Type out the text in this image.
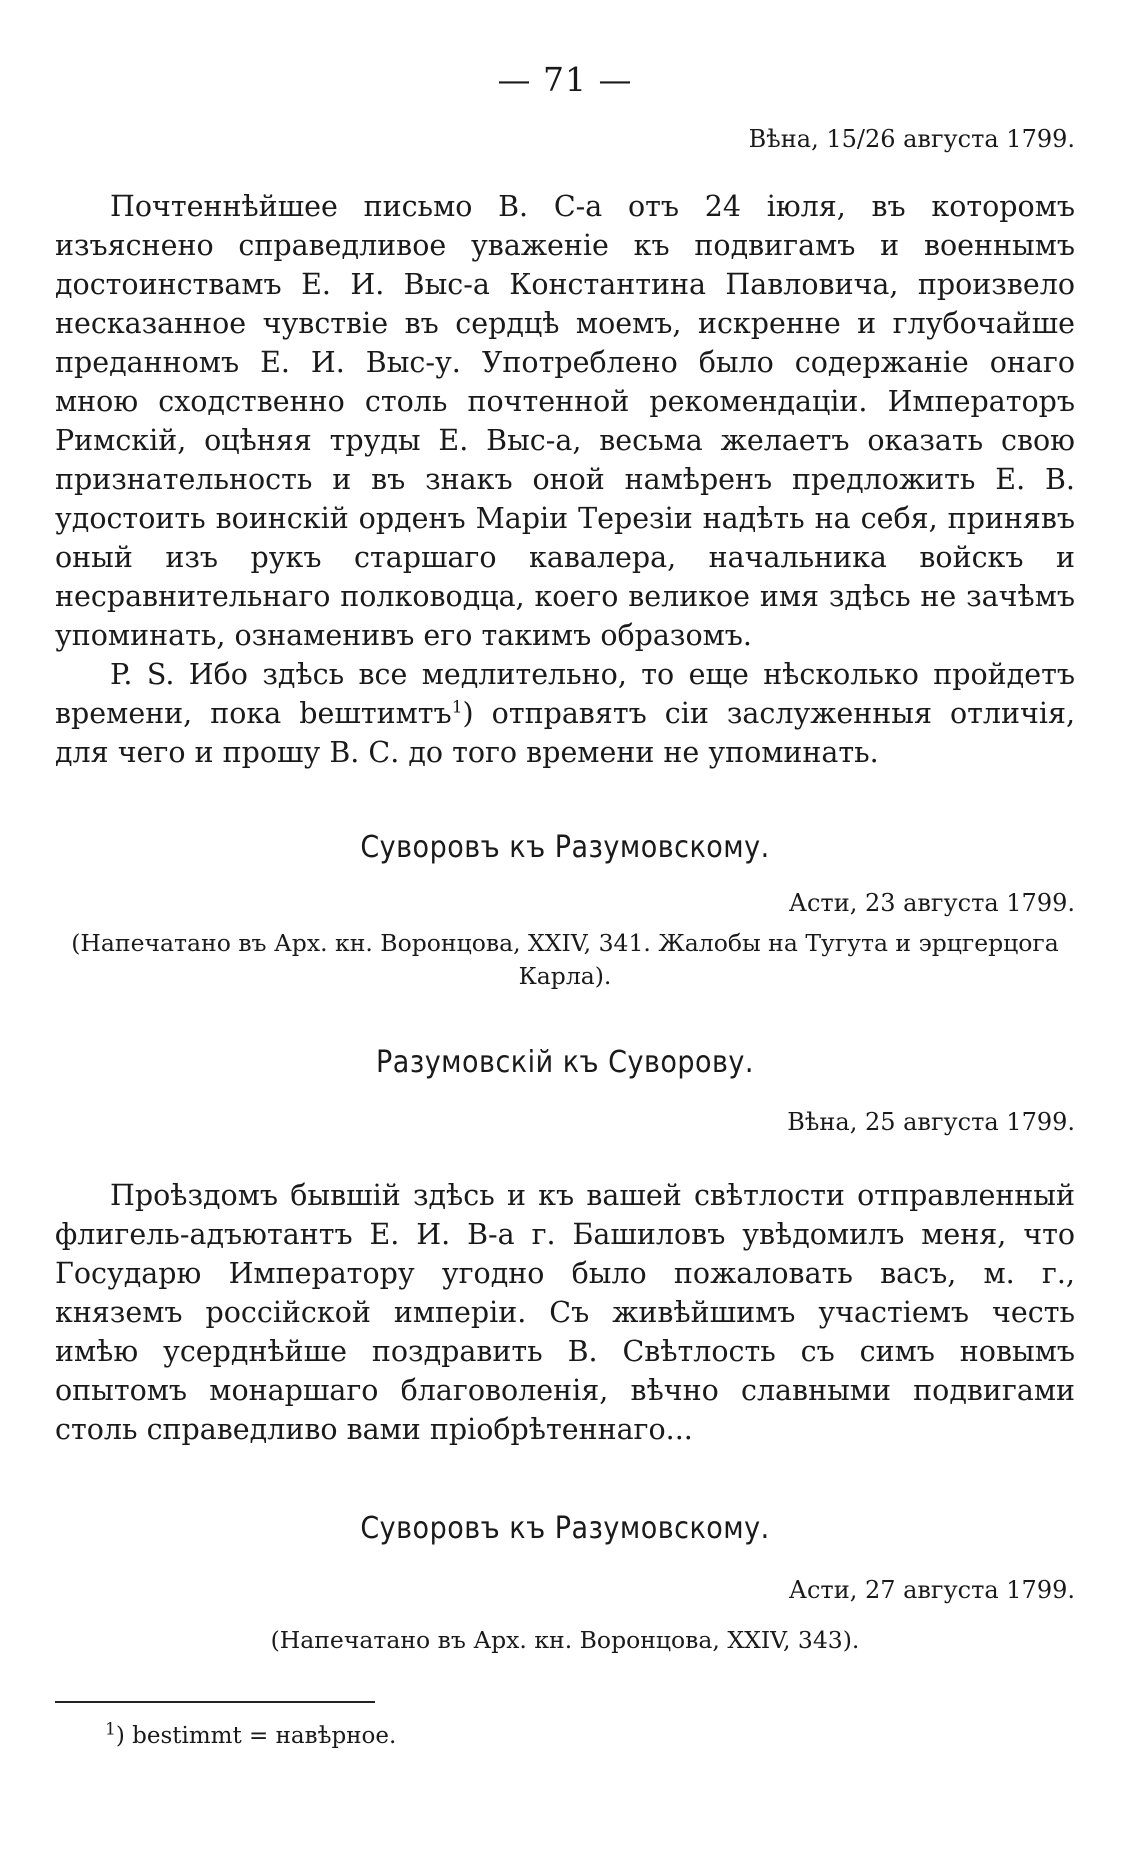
— 71 —
Вѣна, 15/26 августа 1799.

Почтеннѣйшее письмо В. С-а отъ 24 іюля, въ которомъ изъяснено справедливое уваженіе къ подвигамъ и военнымъ достоинствамъ Е. И. Выс-а Константина Павловича, произвело несказанное чувствіе въ сердцѣ моемъ, искренне и глубочайше преданномъ Е. И. Выс-у. Употреблено было содержаніе онаго мною сходственно столь почтенной рекомендаціи. Императоръ Римскій, оцѣняя труды Е. Выс-а, весьма желаетъ оказать свою признательность и въ знакъ оной намѣренъ предложить Е. В. удостоить воинскій орденъ Маріи Терезіи надѣть на себя, принявъ оный изъ рукъ старшаго кавалера, начальника войскъ и несравнительнаго полководца, коего великое имя здѣсь не зачѣмъ упоминать, ознаменивъ его такимъ образомъ.

P. S. Ибо здѣсь все медлительно, то еще нѣсколько пройдетъ времени, пока beштимтъ$^1$) отправятъ сіи заслуженныя отличія, для чего и прошу В. С. до того времени не упоминать.

Суворовъ къ Разумовскому.
Асти, 23 августа 1799.

(Напечатано въ Арх. кн. Воронцова, XXIV, 341. Жалобы на Тугута и эрцгерцога Карла).

Разумовскій къ Суворову.
Вѣна, 25 августа 1799.

Проѣздомъ бывшій здѣсь и къ вашей свѣтлости отправленный флигель-адъютантъ Е. И. В-а г. Башиловъ увѣдомилъ меня, что Государю Императору угодно было пожаловать васъ, м. г., княземъ россійской имперіи. Съ живѣйшимъ участіемъ честь имѣю усерднѣйше поздравить В. Свѣтлость съ симъ новымъ опытомъ монаршаго благоволенія, вѣчно славными подвигами столь справедливо вами пріобрѣтеннаго...

Суворовъ къ Разумовскому.
Асти, 27 августа 1799.

(Напечатано въ Арх. кн. Воронцова, XXIV, 343).

$^1$) bestimmt = навѣрное.
